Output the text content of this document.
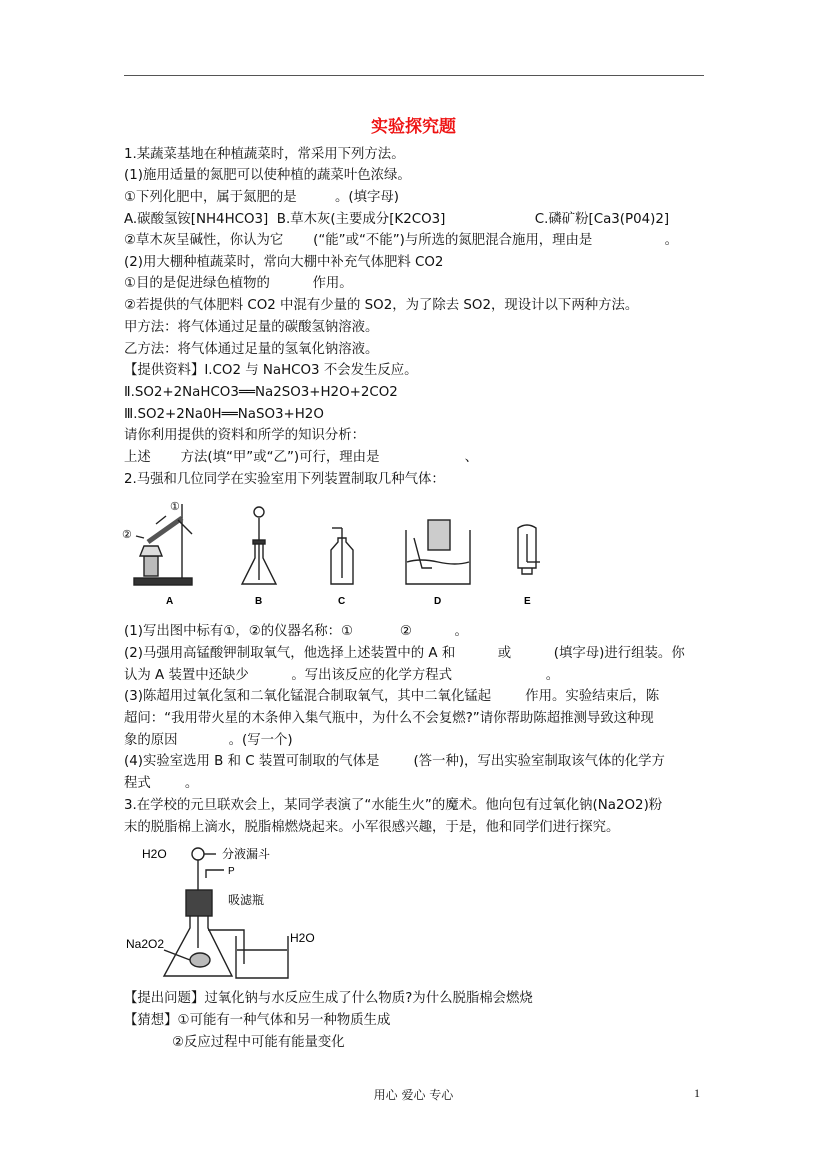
实验探究题
1.某蔬菜基地在种植蔬菜时，常采用下列方法。
(1)施用适量的氮肥可以使种植的蔬菜叶色浓绿。
①下列化肥中，属于氮肥的是         。(填字母)
A.碳酸氢铵[NH4HCO3]  B.草木灰(主要成分[K2CO3]                     C.磷矿粉[Ca3(P04)2]
②草木灰呈碱性，你认为它       (“能”或“不能”)与所选的氮肥混合施用，理由是                 。
(2)用大棚种植蔬菜时，常向大棚中补充气体肥料 CO2
①目的是促进绿色植物的          作用。
②若提供的气体肥料 CO2 中混有少量的 SO2，为了除去 SO2，现设计以下两种方法。
甲方法：将气体通过足量的碳酸氢钠溶液。
乙方法：将气体通过足量的氢氧化钠溶液。
【提供资料】I.CO2 与 NaHCO3 不会发生反应。
Ⅱ.SO2+2NaHCO3══Na2SO3+H2O+2CO2
Ⅲ.SO2+2Na0H══NaSO3+H2O
请你利用提供的资料和所学的知识分析：
上述       方法(填“甲”或“乙”)可行，理由是                    、
2.马强和几位同学在实验室用下列装置制取几种气体：
①
②
A	B	C	D	E
(1)写出图中标有①，②的仪器名称：①           ②          。
(2)马强用高锰酸钾制取氧气，他选择上述装置中的 A 和          或          (填字母)进行组装。你
认为 A 装置中还缺少          。写出该反应的化学方程式                      。
(3)陈超用过氧化氢和二氧化锰混合制取氧气，其中二氧化锰起        作用。实验结束后，陈
超问：“我用带火星的木条伸入集气瓶中，为什么不会复燃?”请你帮助陈超推测导致这种现
象的原因            。(写一个)
(4)实验室选用 B 和 C 装置可制取的气体是        (答一种)，写出实验室制取该气体的化学方
程式        。
3.在学校的元旦联欢会上，某同学表演了“水能生火”的魔术。他向包有过氧化钠(Na2O2)粉
末的脱脂棉上滴水，脱脂棉燃烧起来。小军很感兴趣，于是，他和同学们进行探究。
H2O	分液漏斗
P
吸滤瓶
Na2O2	H2O
【提出问题】过氧化钠与水反应生成了什么物质?为什么脱脂棉会燃烧
【猜想】①可能有一种气体和另一种物质生成
②反应过程中可能有能量变化
用心 爱心 专心	1
